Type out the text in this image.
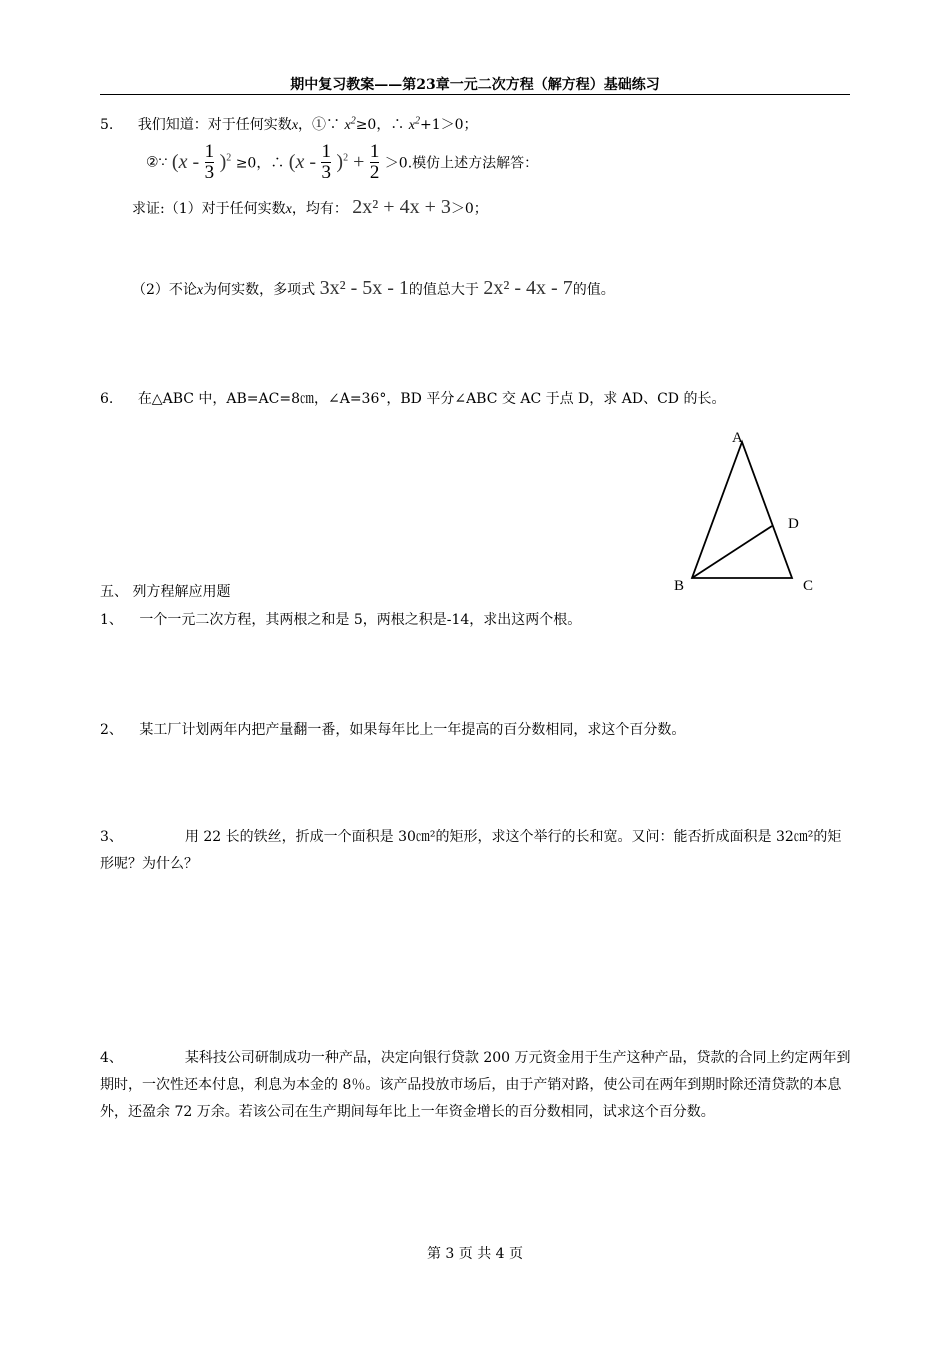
期中复习教案——第23章一元二次方程（解方程）基础练习
5. 我们知道：对于任何实数x，①∵ $x^2\ge 0$，∴ $x^2+1>0$；
②∵ $(x - \frac{1}{3} )^2 \ge 0$，∴ $(x - \frac{1}{3} )^2 + \frac{1}{2} >0$.模仿上述方法解答：
求证:（1）对于任何实数x，均有： 2x² + 4x + 3＞0；
（2）不论x为何实数，多项式 3x² - 5x - 1的值总大于 2x² - 4x - 7的值。
6. 在△ABC 中，AB=AC=8㎝，∠A=36°，BD 平分∠ABC 交 AC 于点 D，求 AD、CD 的长。
A
D
B	C
五、 列方程解应用题
1、 一个一元二次方程，其两根之和是 5，两根之积是-14，求出这两个根。
2、 某工厂计划两年内把产量翻一番，如果每年比上一年提高的百分数相同，求这个百分数。
3、	用 22 长的铁丝，折成一个面积是 30㎝²的矩形，求这个举行的长和宽。又问：能否折成面积是 32㎝²的矩形呢？为什么？
4、	某科技公司研制成功一种产品，决定向银行贷款 200 万元资金用于生产这种产品，贷款的合同上约定两年到期时，一次性还本付息，利息为本金的 8％。该产品投放市场后，由于产销对路，使公司在两年到期时除还清贷款的本息外，还盈余 72 万余。若该公司在生产期间每年比上一年资金增长的百分数相同，试求这个百分数。
第 3 页 共 4 页
